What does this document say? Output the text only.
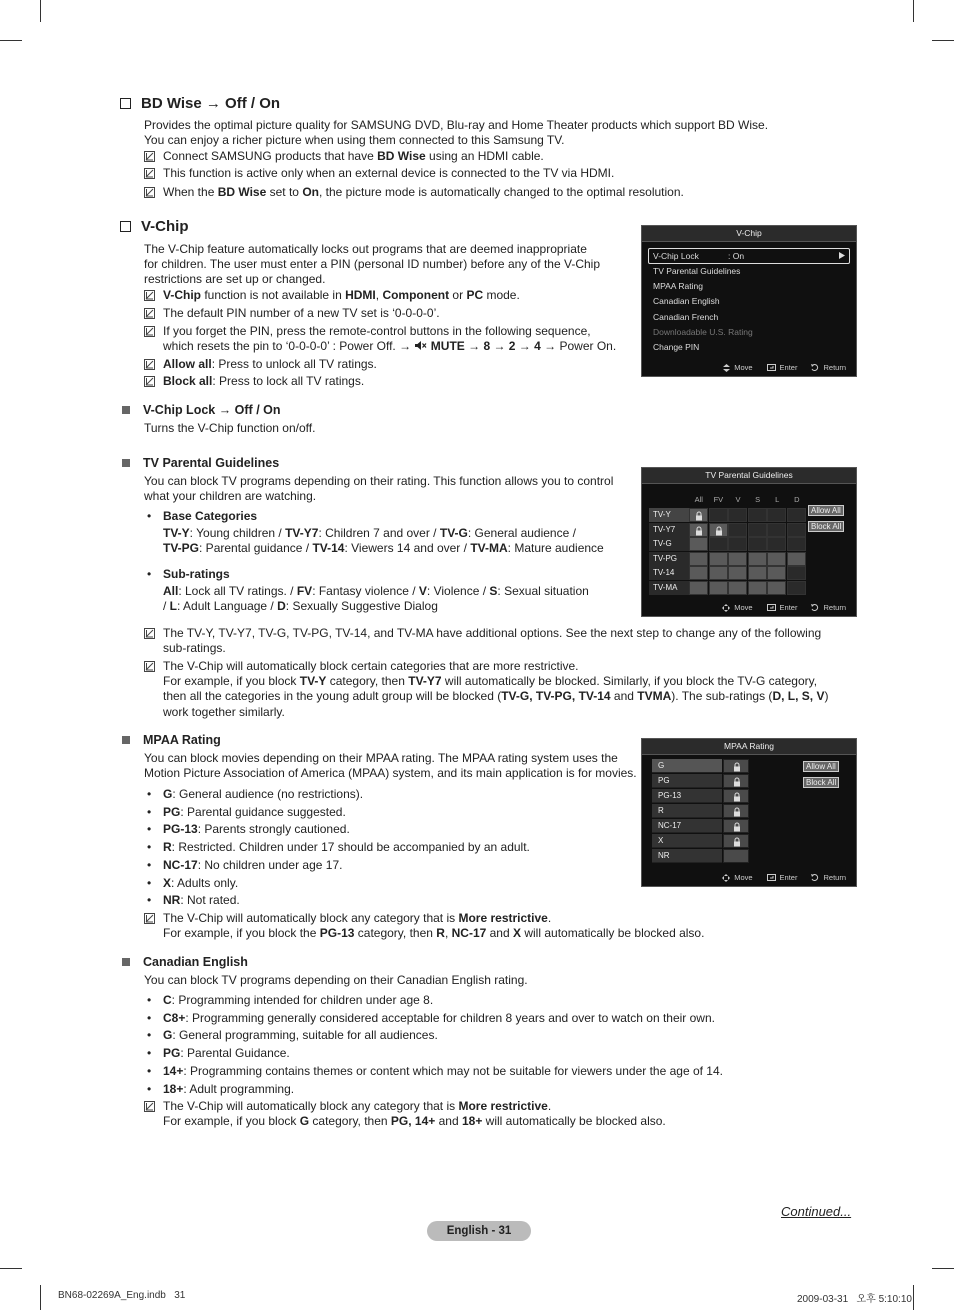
BD Wise → Off / On
Provides the optimal picture quality for SAMSUNG DVD, Blu-ray and Home Theater products which support BD Wise.
You can enjoy a richer picture when using them connected to this Samsung TV.
Connect SAMSUNG products that have BD Wise using an HDMI cable.
This function is active only when an external device is connected to the TV via HDMI.
When the BD Wise set to On, the picture mode is automatically changed to the optimal resolution.
V-Chip
The V-Chip feature automatically locks out programs that are deemed inappropriate
for children. The user must enter a PIN (personal ID number) before any of the V-Chip
restrictions are set up or changed.
V-Chip function is not available in HDMI, Component or PC mode.
The default PIN number of a new TV set is ‘0-0-0-0’.
If you forget the PIN, press the remote-control buttons in the following sequence,
which resets the pin to ‘0-0-0-0’ : Power Off. →  MUTE → 8 → 2 → 4 → Power On.
Allow all: Press to unlock all TV ratings.
Block all: Press to lock all TV ratings.
V-Chip
V-Chip Lock	: On
TV Parental Guidelines
MPAA Rating
Canadian English
Canadian French
Downloadable U.S. Rating
Change PIN
Move	Enter	Return
V-Chip Lock → Off / On
Turns the V-Chip function on/off.
TV Parental Guidelines
You can block TV programs depending on their rating. This function allows you to control
what your children are watching.
• Base Categories
TV-Y: Young children / TV-Y7: Children 7 and over / TV-G: General audience /
TV-PG: Parental guidance / TV-14: Viewers 14 and over / TV-MA: Mature audience
• Sub-ratings
All: Lock all TV ratings. / FV: Fantasy violence / V: Violence / S: Sexual situation
/ L: Adult Language / D: Sexually Suggestive Dialog
The TV-Y, TV-Y7, TV-G, TV-PG, TV-14, and TV-MA have additional options. See the next step to change any of the following
sub-ratings.
The V-Chip will automatically block certain categories that are more restrictive.
For example, if you block TV-Y category, then TV-Y7 will automatically be blocked. Similarly, if you block the TV-G category,
then all the categories in the young adult group will be blocked (TV-G, TV-PG, TV-14 and TVMA). The sub-ratings (D, L, S, V)
work together similarly.
TV Parental Guidelines
Allow All
Block All
Move	Enter	Return
All	FV	V	S	L	D
TV-Y
TV-Y7
TV-G
TV-PG
TV-14
TV-MA
MPAA Rating
You can block movies depending on their MPAA rating. The MPAA rating system uses the
Motion Picture Association of America (MPAA) system, and its main application is for movies.
• G: General audience (no restrictions).
• PG: Parental guidance suggested.
• PG-13: Parents strongly cautioned.
• R: Restricted. Children under 17 should be accompanied by an adult.
• NC-17: No children under age 17.
• X: Adults only.
• NR: Not rated.
The V-Chip will automatically block any category that is More restrictive.
For example, if you block the PG-13 category, then R, NC-17 and X will automatically be blocked also.
MPAA Rating
Allow All
Block All
Move	Enter	Return
G
PG
PG-13
R
NC-17
X
NR
Canadian English
You can block TV programs depending on their Canadian English rating.
• C: Programming intended for children under age 8.
• C8+: Programming generally considered acceptable for children 8 years and over to watch on their own.
• G: General programming, suitable for all audiences.
• PG: Parental Guidance.
• 14+: Programming contains themes or content which may not be suitable for viewers under the age of 14.
• 18+: Adult programming.
The V-Chip will automatically block any category that is More restrictive.
For example, if you block G category, then PG, 14+ and 18+ will automatically be blocked also.
Continued...
English - 31
BN68-02269A_Eng.indb   31	2009-03-31   오후 5:10:10
